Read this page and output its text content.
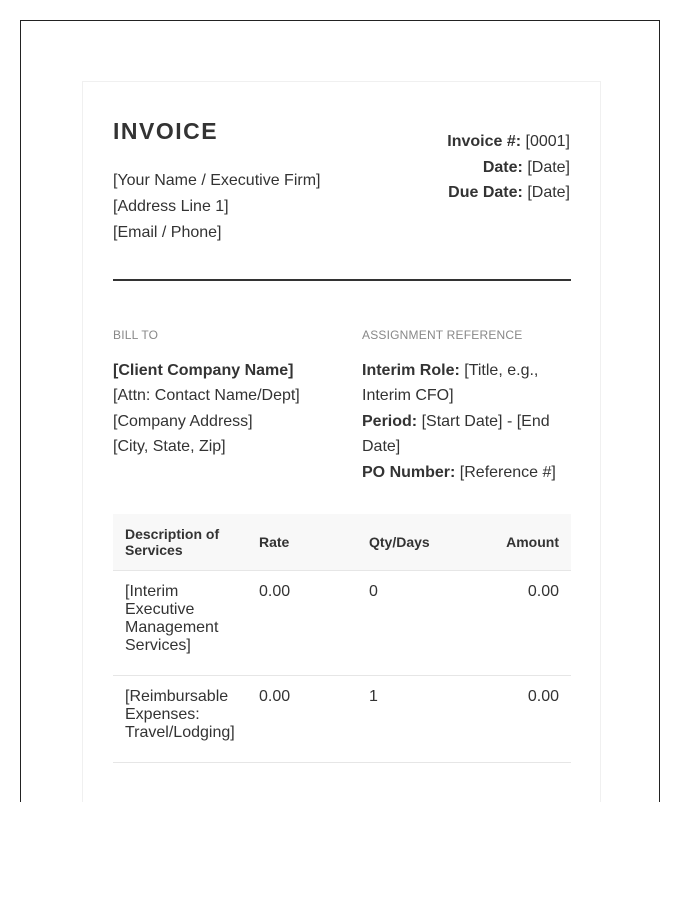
INVOICE
[Your Name / Executive Firm]
[Address Line 1]
[Email / Phone]
Invoice #: [0001]
Date: [Date]
Due Date: [Date]
BILL TO
[Client Company Name]
[Attn: Contact Name/Dept]
[Company Address]
[City, State, Zip]
ASSIGNMENT REFERENCE
Interim Role: [Title, e.g., Interim CFO]
Period: [Start Date] - [End Date]
PO Number: [Reference #]
Description of Services	Rate	Qty/Days	Amount
[Interim Executive Management Services]	0.00	0	0.00
[Reimbursable Expenses: Travel/Lodging]	0.00	1	0.00
